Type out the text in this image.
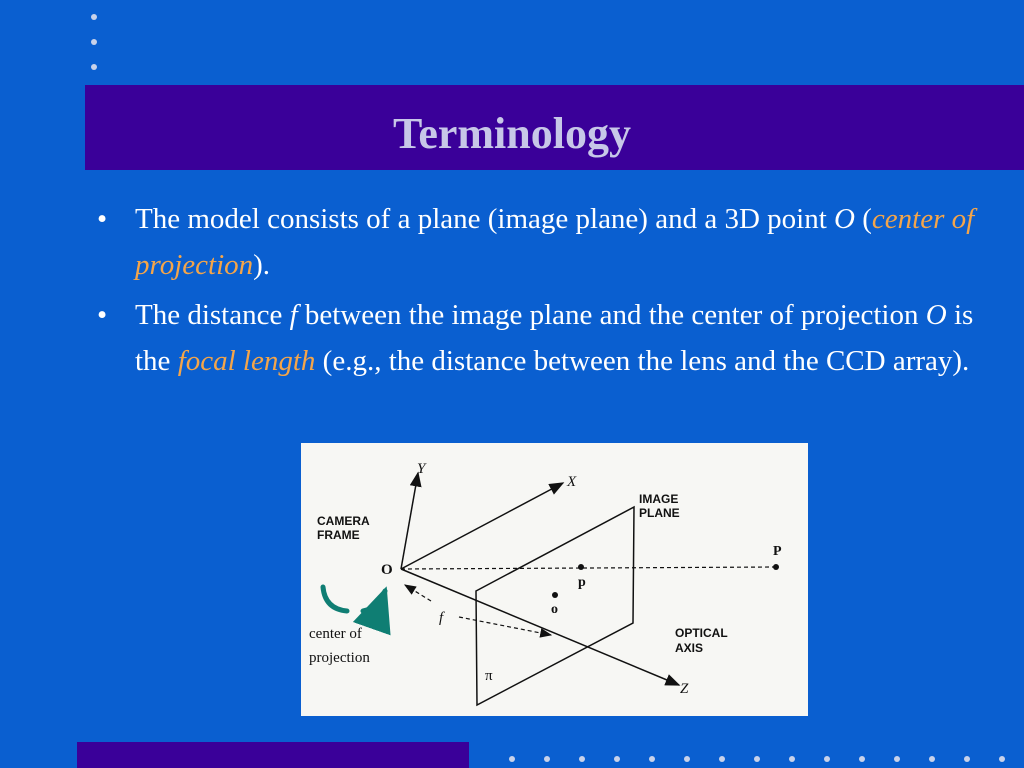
Terminology
• The model consists of a plane (image plane) and a 3D point O (center of projection).
• The distance f between the image plane and the center of projection O is the focal length (e.g., the distance between the lens and the CCD array).
CAMERA
FRAME
IMAGE
PLANE
OPTICAL
AXIS
O
Y
X
Z
f
P
p
o
π
center of
projection
